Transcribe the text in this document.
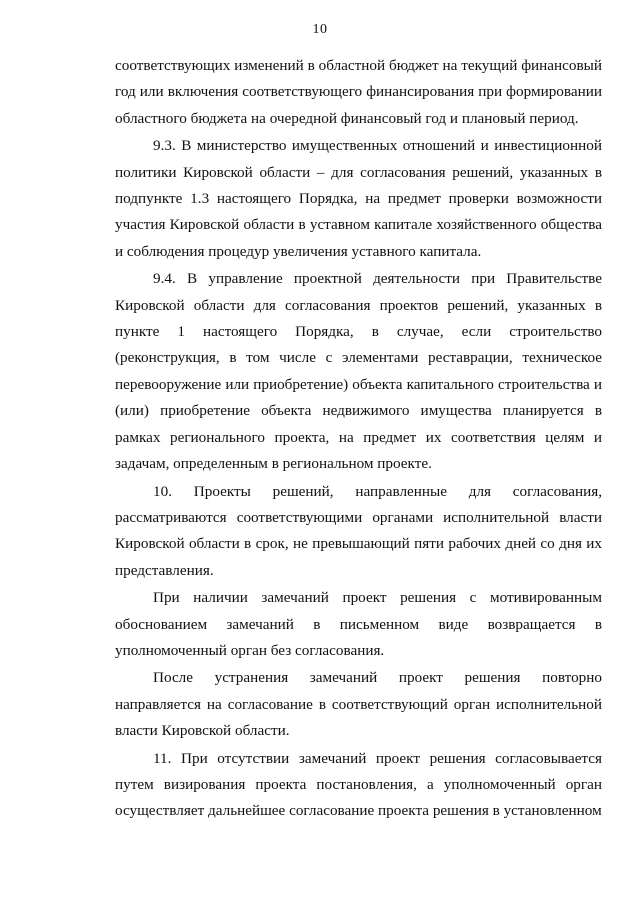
10

соответствующих изменений в областной бюджет на текущий финансовый год или включения соответствующего финансирования при формировании областного бюджета на очередной финансовый год и плановый период.

9.3. В министерство имущественных отношений и инвестиционной политики Кировской области – для согласования решений, указанных в подпункте 1.3 настоящего Порядка, на предмет проверки возможности участия Кировской области в уставном капитале хозяйственного общества и соблюдения процедур увеличения уставного капитала.

9.4. В управление проектной деятельности при Правительстве Кировской области для согласования проектов решений, указанных в пункте 1 настоящего Порядка, в случае, если строительство (реконструкция, в том числе с элементами реставрации, техническое перевооружение или приобретение) объекта капитального строительства и (или) приобретение объекта недвижимого имущества планируется в рамках регионального проекта, на предмет их соответствия целям и задачам, определенным в региональном проекте.

10. Проекты решений, направленные для согласования, рассматриваются соответствующими органами исполнительной власти Кировской области в срок, не превышающий пяти рабочих дней со дня их представления.

При наличии замечаний проект решения с мотивированным обоснованием замечаний в письменном виде возвращается в уполномоченный орган без согласования.

После устранения замечаний проект решения повторно направляется на согласование в соответствующий орган исполнительной власти Кировской области.

11. При отсутствии замечаний проект решения согласовывается путем визирования проекта постановления, а уполномоченный орган осуществляет дальнейшее согласование проекта решения в установленном
